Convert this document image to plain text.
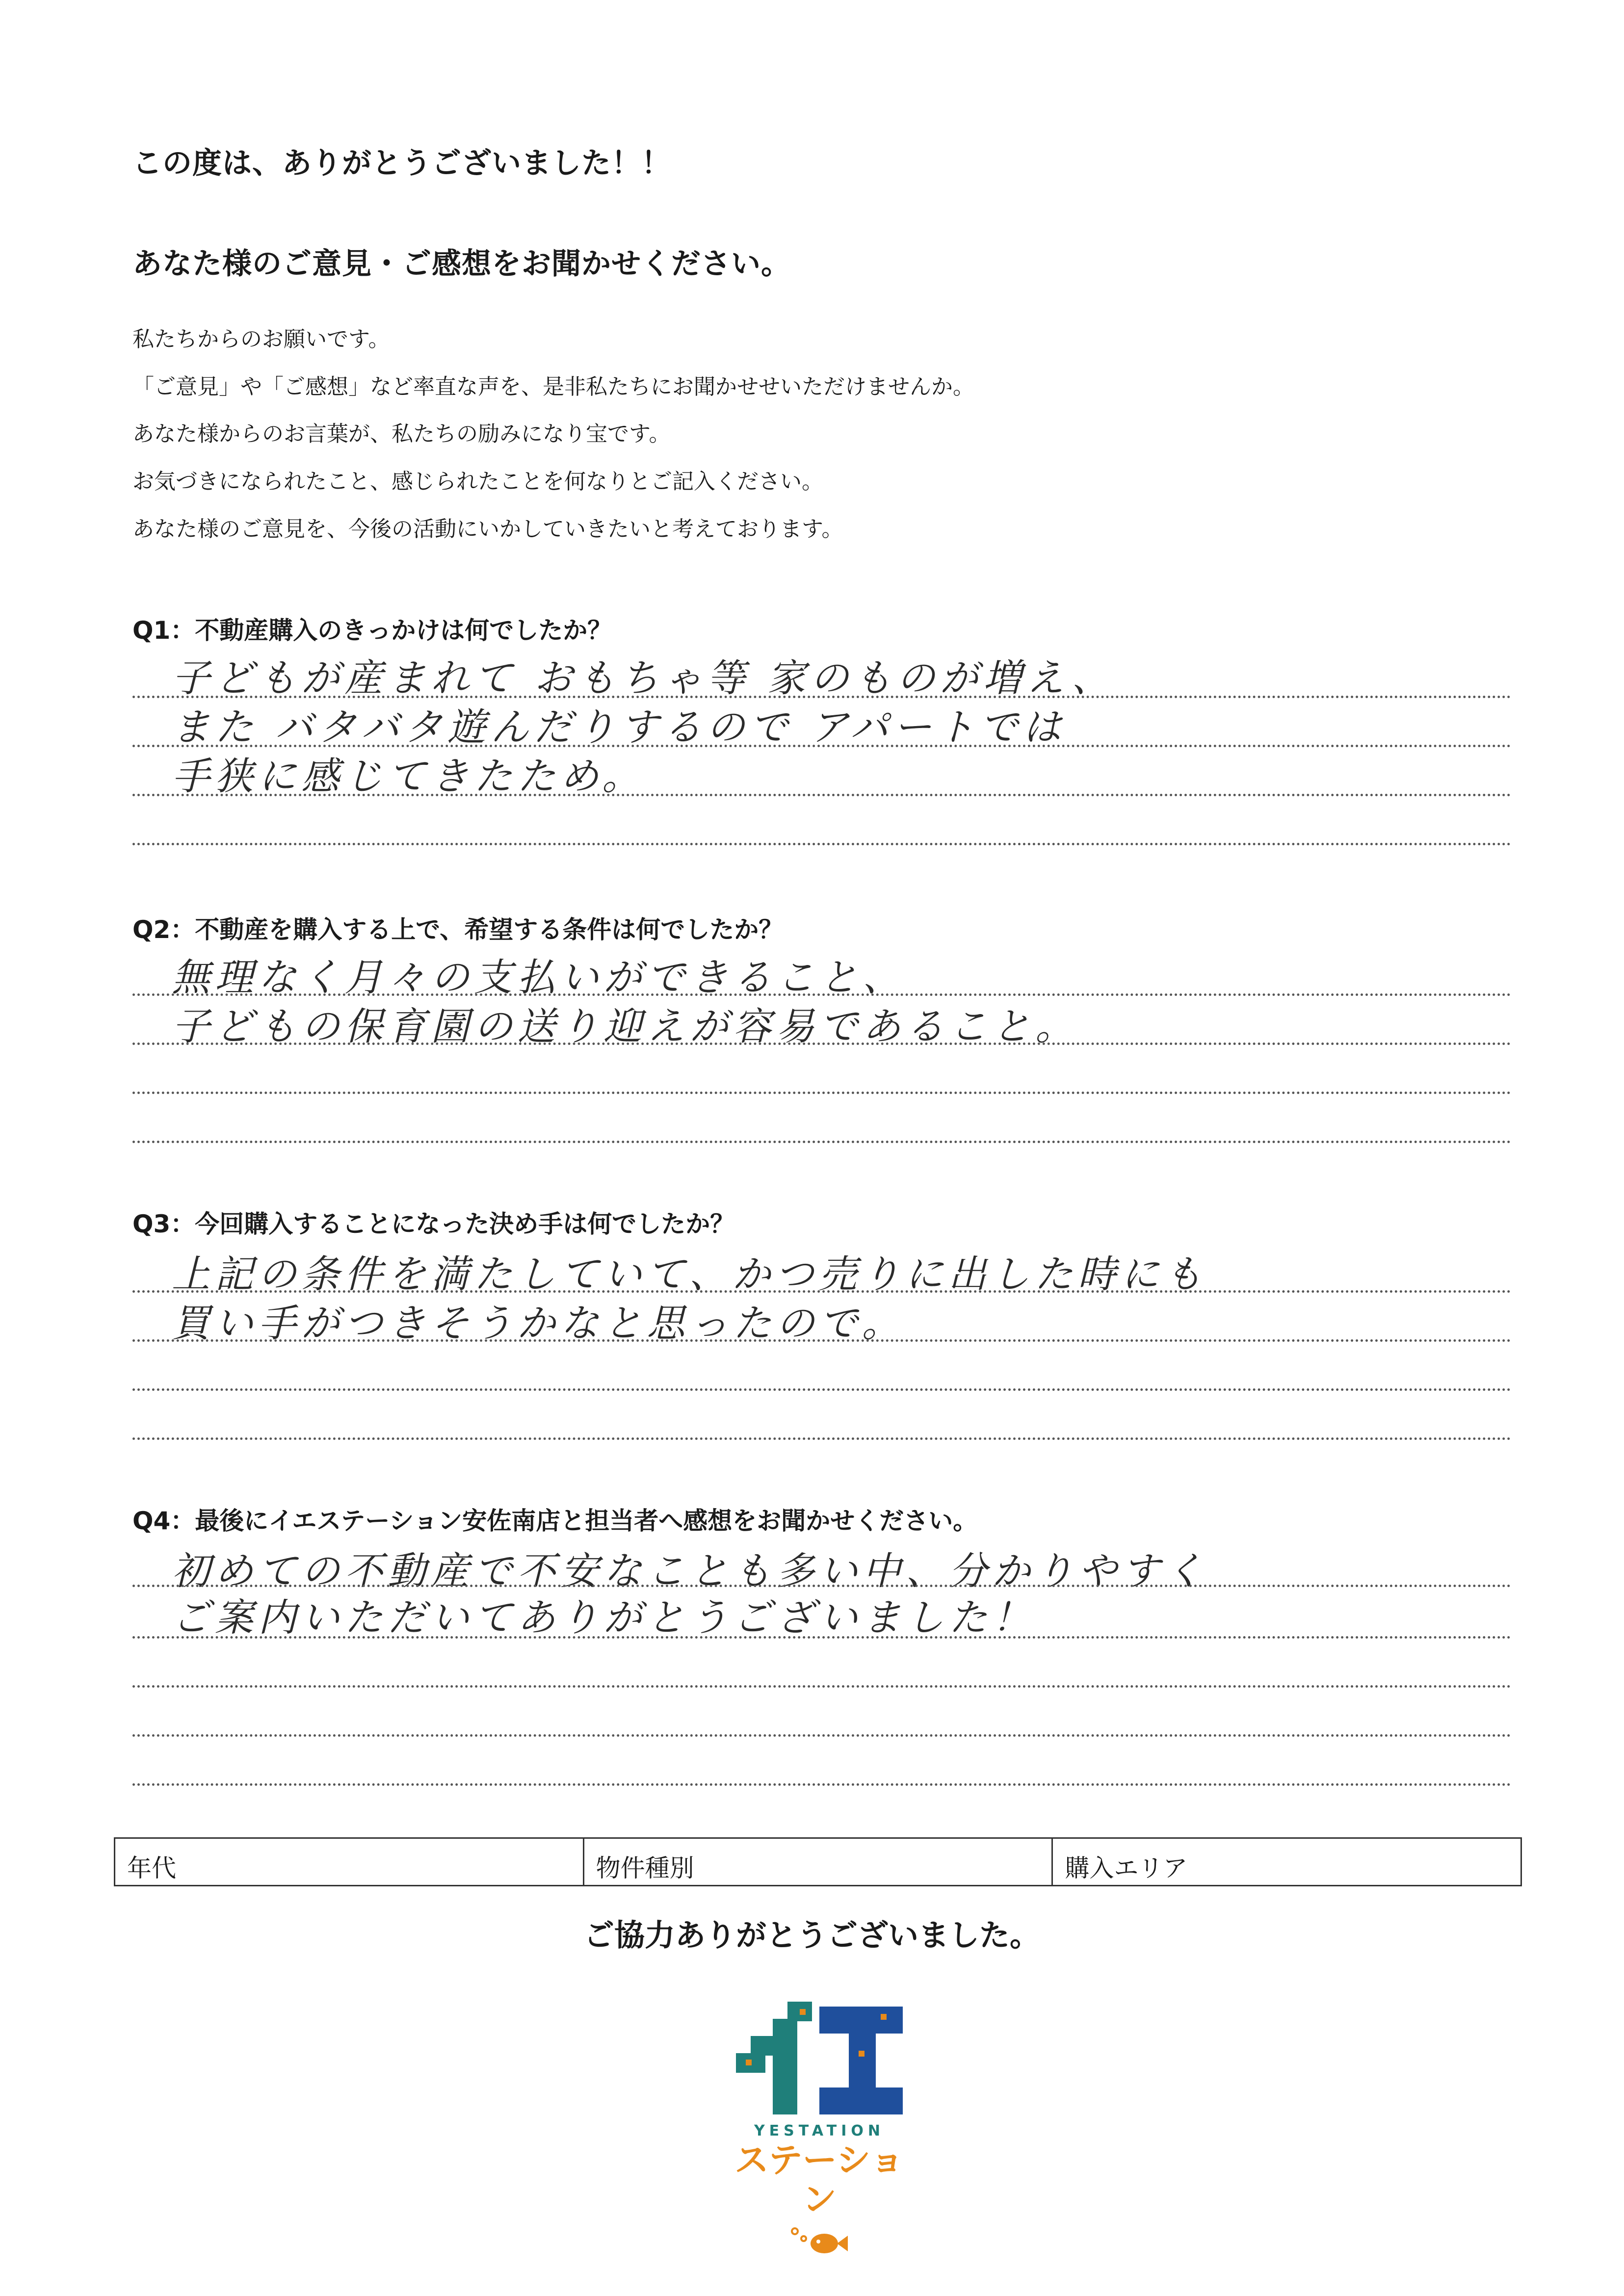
この度は、ありがとうございました！！
あなた様のご意見・ご感想をお聞かせください。
私たちからのお願いです。
「ご意見」や「ご感想」など率直な声を、是非私たちにお聞かせせいただけませんか。
あなた様からのお言葉が、私たちの励みになり宝です。
お気づきになられたこと、感じられたことを何なりとご記入ください。
あなた様のご意見を、今後の活動にいかしていきたいと考えております。
Q1：不動産購入のきっかけは何でしたか？
子どもが産まれて おもちゃ等 家のものが増え、
また バタバタ遊んだりするので アパートでは
手狭に感じてきたため。
Q2：不動産を購入する上で、希望する条件は何でしたか？
無理なく月々の支払いができること、
子どもの保育園の送り迎えが容易であること。
Q3：今回購入することになった決め手は何でしたか？
上記の条件を満たしていて、かつ売りに出した時にも
買い手がつきそうかなと思ったので。
Q4：最後にイエステーション安佐南店と担当者へ感想をお聞かせください。
初めての不動産で不安なことも多い中、分かりやすく
ご案内いただいてありがとうございました！
年代	物件種別	購入エリア
ご協力ありがとうございました。
YESTATION
ステーション
